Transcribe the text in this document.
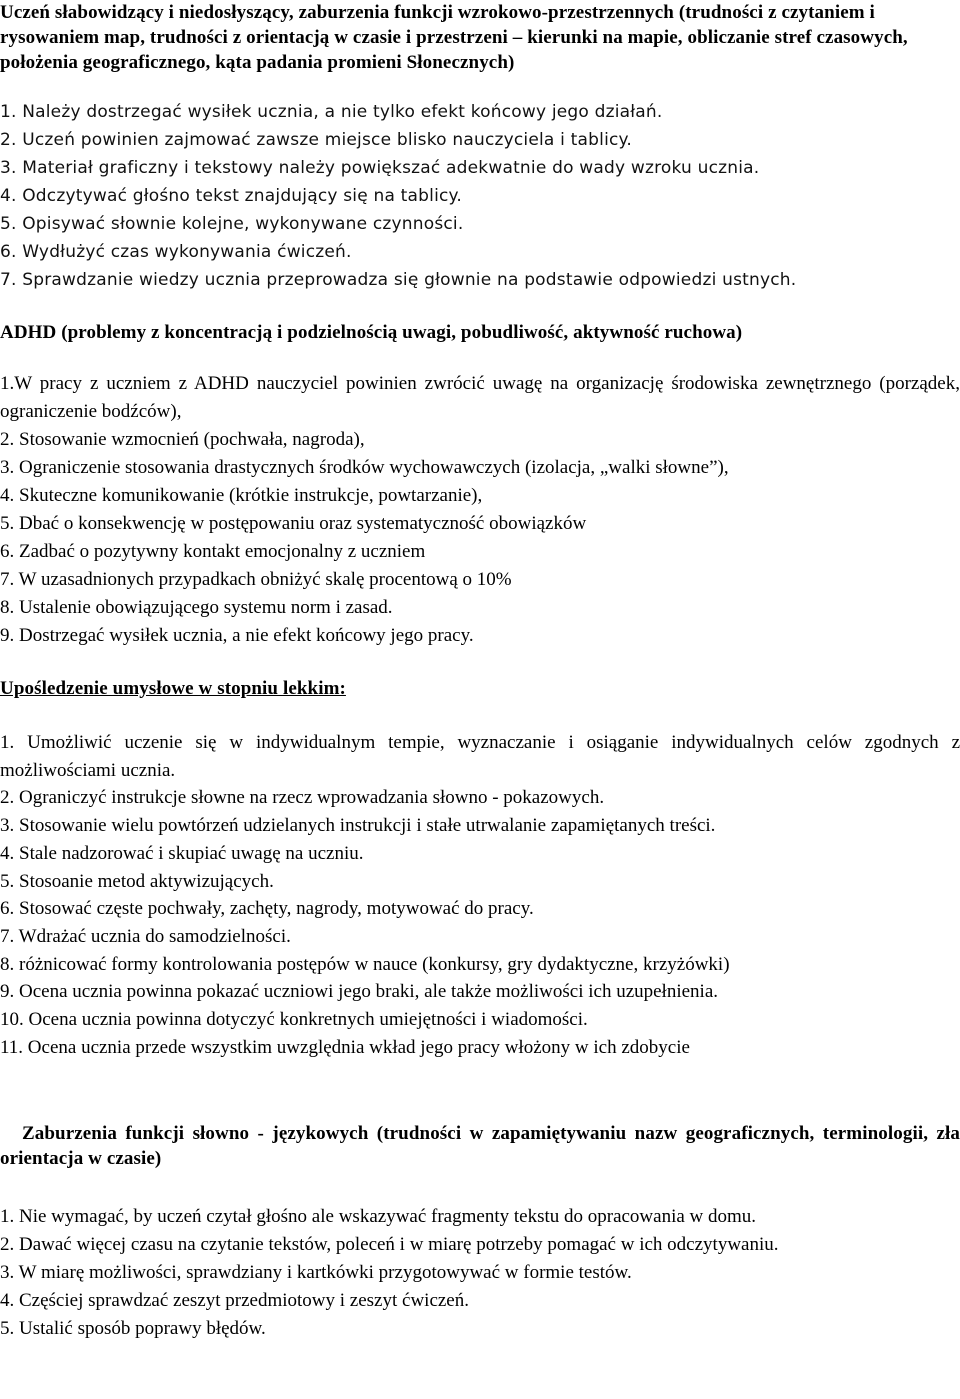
Uczeń słabowidzący i niedosłyszący, zaburzenia funkcji wzrokowo-przestrzennych (trudności z czytaniem i rysowaniem map, trudności z orientacją w czasie i przestrzeni – kierunki na mapie, obliczanie stref czasowych, położenia geograficznego, kąta padania promieni Słonecznych)
1. Należy dostrzegać wysiłek ucznia, a nie tylko efekt końcowy jego działań.
2. Uczeń powinien zajmować zawsze miejsce blisko nauczyciela i tablicy.
3. Materiał graficzny i tekstowy należy powiększać adekwatnie do wady wzroku ucznia.
4. Odczytywać głośno tekst znajdujący się na tablicy.
5. Opisywać słownie kolejne, wykonywane czynności.
6. Wydłużyć czas wykonywania ćwiczeń.
7. Sprawdzanie wiedzy ucznia przeprowadza się głownie na podstawie odpowiedzi ustnych.
ADHD (problemy z koncentracją i podzielnością uwagi, pobudliwość, aktywność ruchowa)
1.W pracy z uczniem z ADHD nauczyciel powinien zwrócić uwagę na organizację środowiska zewnętrznego (porządek, ograniczenie bodźców),
2. Stosowanie wzmocnień (pochwała, nagroda),
3. Ograniczenie stosowania drastycznych środków wychowawczych (izolacja, „walki słowne”),
4. Skuteczne komunikowanie (krótkie instrukcje, powtarzanie),
5. Dbać o konsekwencję w postępowaniu oraz systematyczność obowiązków
6. Zadbać o pozytywny kontakt emocjonalny z uczniem
7. W uzasadnionych przypadkach obniżyć skalę procentową o 10%
8. Ustalenie obowiązującego systemu norm i zasad.
9. Dostrzegać wysiłek ucznia, a nie efekt końcowy jego pracy.
Upośledzenie umysłowe w stopniu lekkim:
1. Umożliwić uczenie się w indywidualnym tempie, wyznaczanie i osiąganie indywidualnych celów zgodnych z możliwościami ucznia.
2. Ograniczyć instrukcje słowne na rzecz wprowadzania słowno - pokazowych.
3. Stosowanie wielu powtórzeń udzielanych instrukcji i stałe utrwalanie zapamiętanych treści.
4. Stale nadzorować i skupiać uwagę na uczniu.
5. Stosoanie metod aktywizujących.
6. Stosować częste pochwały, zachęty, nagrody, motywować do pracy.
7. Wdrażać ucznia do samodzielności.
8. różnicować formy kontrolowania postępów w nauce (konkursy, gry dydaktyczne, krzyżówki)
9. Ocena ucznia powinna pokazać uczniowi jego braki, ale także możliwości ich uzupełnienia.
10. Ocena ucznia powinna dotyczyć konkretnych umiejętności i wiadomości.
11. Ocena ucznia przede wszystkim uwzględnia wkład jego pracy włożony w ich zdobycie
Zaburzenia funkcji słowno - językowych (trudności w zapamiętywaniu nazw geograficznych, terminologii, zła orientacja w czasie)
1. Nie wymagać, by uczeń czytał głośno ale wskazywać fragmenty tekstu do opracowania w domu.
2. Dawać więcej czasu na czytanie tekstów, poleceń i w miarę potrzeby pomagać w ich odczytywaniu.
3. W miarę możliwości, sprawdziany i kartkówki przygotowywać w formie testów.
4. Częściej sprawdzać zeszyt przedmiotowy i zeszyt ćwiczeń.
5. Ustalić sposób poprawy błędów.
